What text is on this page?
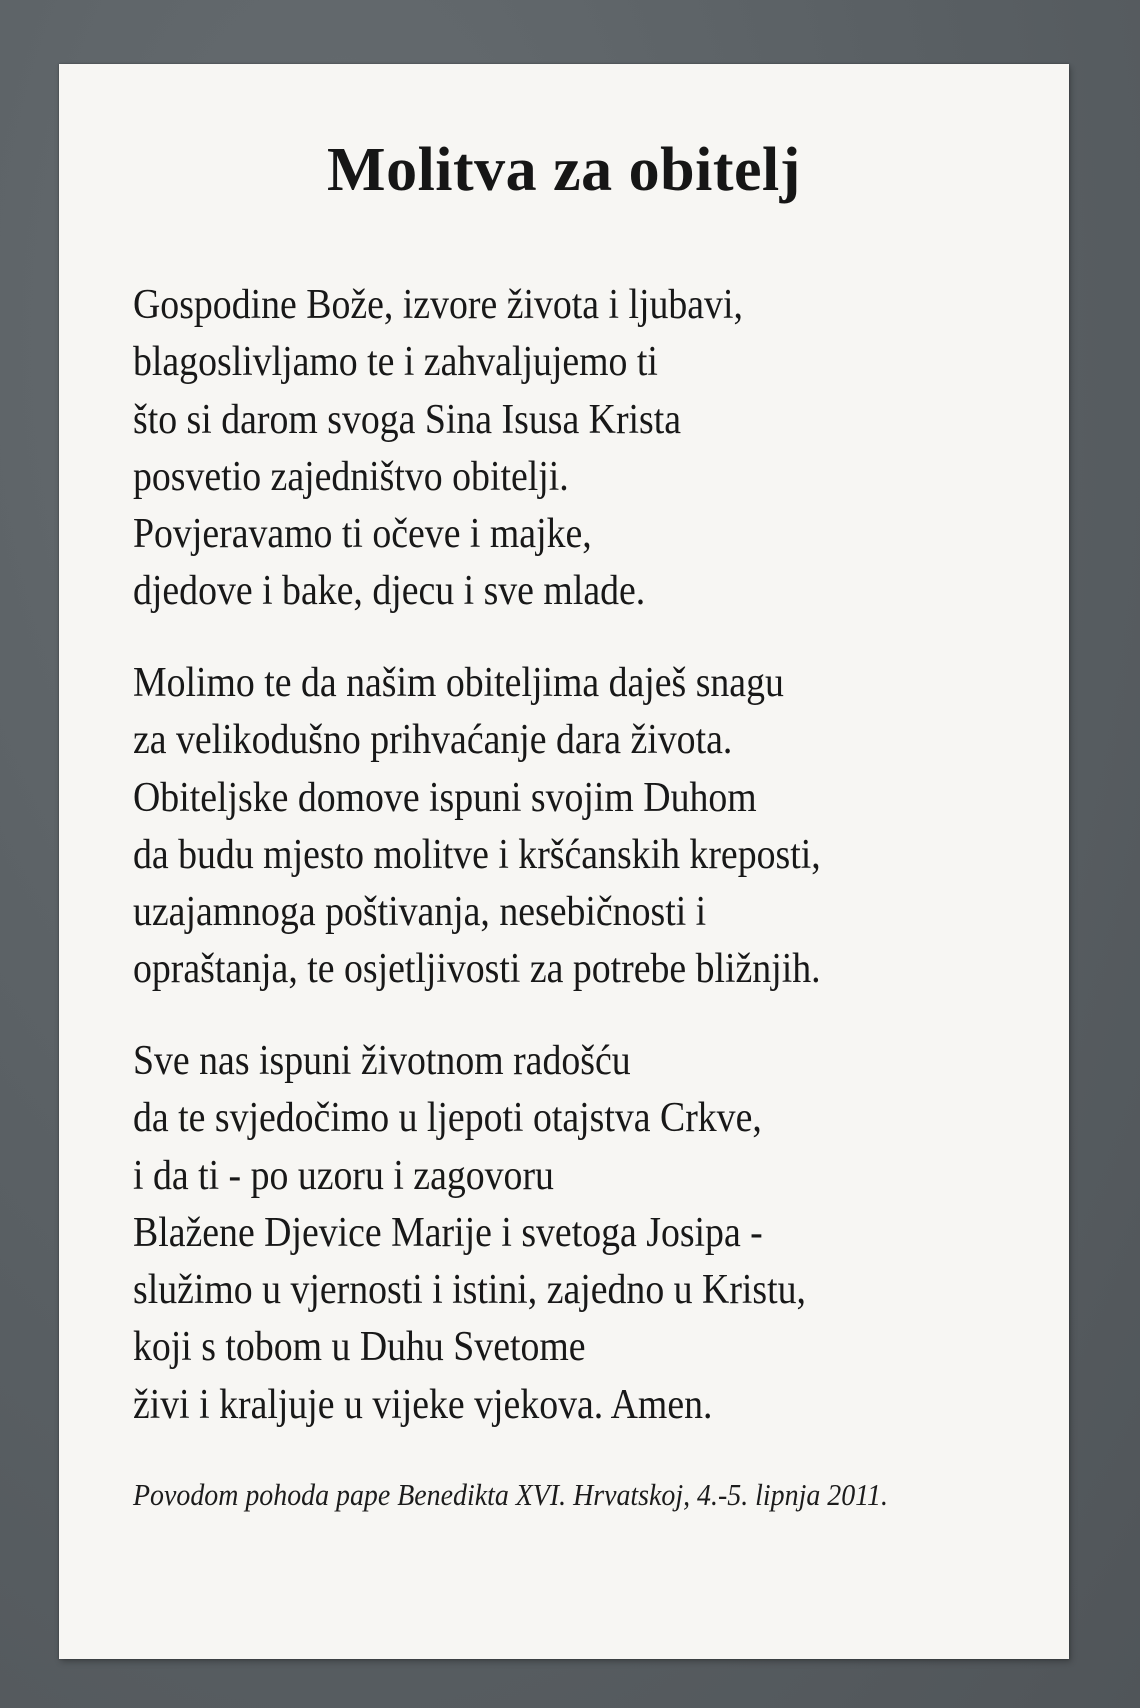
Molitva za obitelj
Gospodine Bože, izvore života i ljubavi,
blagoslivljamo te i zahvaljujemo ti
što si darom svoga Sina Isusa Krista
posvetio zajedništvo obitelji.
Povjeravamo ti očeve i majke,
djedove i bake, djecu i sve mlade.
Molimo te da našim obiteljima daješ snagu
za velikodušno prihvaćanje dara života.
Obiteljske domove ispuni svojim Duhom
da budu mjesto molitve i kršćanskih kreposti,
uzajamnoga poštivanja, nesebičnosti i
opraštanja, te osjetljivosti za potrebe bližnjih.
Sve nas ispuni životnom radošću
da te svjedočimo u ljepoti otajstva Crkve,
i da ti - po uzoru i zagovoru
Blažene Djevice Marije i svetoga Josipa -
služimo u vjernosti i istini, zajedno u Kristu,
koji s tobom u Duhu Svetome
živi i kraljuje u vijeke vjekova. Amen.
Povodom pohoda pape Benedikta XVI. Hrvatskoj, 4.-5. lipnja 2011.
